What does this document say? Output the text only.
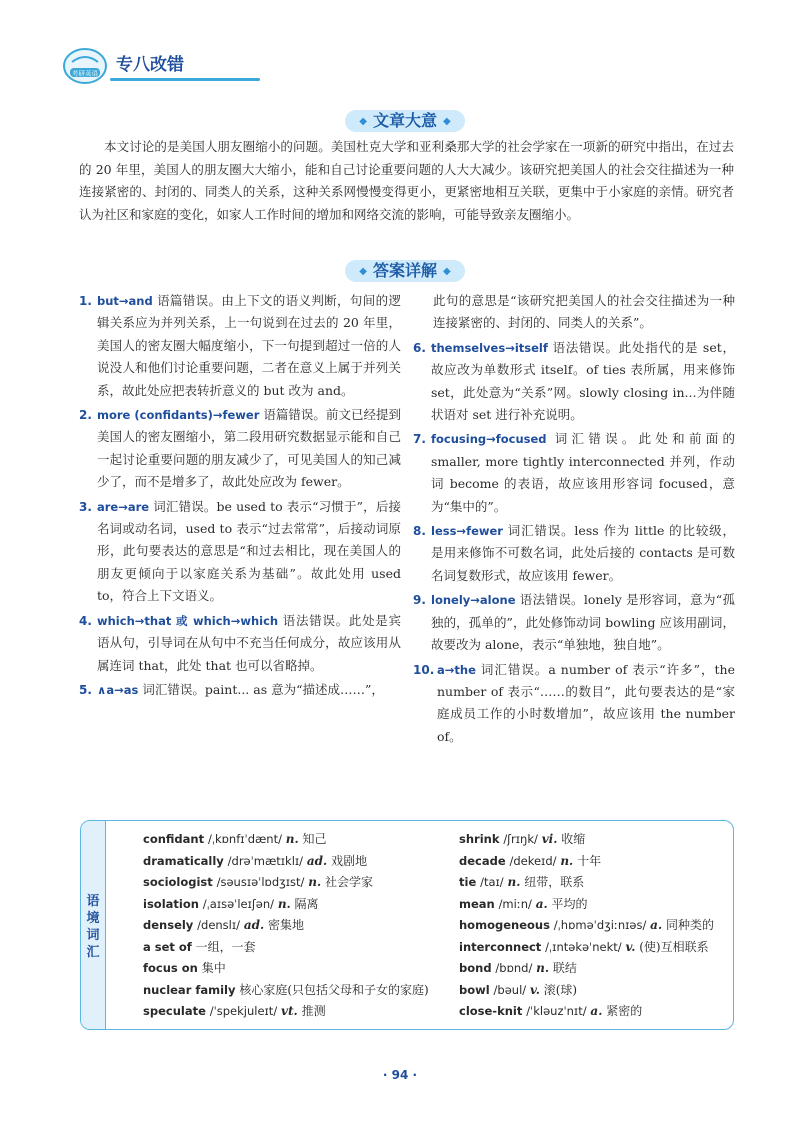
考研英语 专八改错
◆ 文章大意 ◆
本文讨论的是美国人朋友圈缩小的问题。美国杜克大学和亚利桑那大学的社会学家在一项新的研究中指出，在过去的 20 年里，美国人的朋友圈大大缩小，能和自己讨论重要问题的人大大减少。该研究把美国人的社会交往描述为一种连接紧密的、封闭的、同类人的关系，这种关系网慢慢变得更小，更紧密地相互关联，更集中于小家庭的亲情。研究者认为社区和家庭的变化，如家人工作时间的增加和网络交流的影响，可能导致亲友圈缩小。
◆ 答案详解 ◆
1. but→and 语篇错误。由上下文的语义判断，句间的逻辑关系应为并列关系，上一句说到在过去的 20 年里，美国人的密友圈大幅度缩小，下一句提到超过一倍的人说没人和他们讨论重要问题，二者在意义上属于并列关系，故此处应把表转折意义的 but 改为 and。
2. more (confidants)→fewer 语篇错误。前文已经提到美国人的密友圈缩小，第二段用研究数据显示能和自己一起讨论重要问题的朋友减少了，可见美国人的知己减少了，而不是增多了，故此处应改为 fewer。
3. are→are 词汇错误。be used to 表示“习惯于”，后接名词或动名词，used to 表示“过去常常”，后接动词原形，此句要表达的意思是“和过去相比，现在美国人的朋友更倾向于以家庭关系为基础”。故此处用 used to，符合上下文语义。
4. which→that 或 which→which 语法错误。此处是宾语从句，引导词在从句中不充当任何成分，故应该用从属连词 that，此处 that 也可以省略掉。
5. ∧a→as 词汇错误。paint... as 意为“描述成……”，
此句的意思是“该研究把美国人的社会交往描述为一种连接紧密的、封闭的、同类人的关系”。
6. themselves→itself 语法错误。此处指代的是 set，故应改为单数形式 itself。of ties 表所属，用来修饰 set，此处意为“关系”网。slowly closing in...为伴随状语对 set 进行补充说明。
7. focusing→focused 词汇错误。此处和前面的 smaller, more tightly interconnected 并列，作动词 become 的表语，故应该用形容词 focused，意为“集中的”。
8. less→fewer 词汇错误。less 作为 little 的比较级，是用来修饰不可数名词，此处后接的 contacts 是可数名词复数形式，故应该用 fewer。
9. lonely→alone 语法错误。lonely 是形容词，意为“孤独的，孤单的”，此处修饰动词 bowling 应该用副词，故要改为 alone，表示“单独地，独自地”。
10. a→the 词汇错误。a number of 表示“许多”，the number of 表示“……的数目”，此句要表达的是“家庭成员工作的小时数增加”，故应该用 the number of。
语
境
词
汇
confidant /ˌkɒnfɪˈdænt/ n. 知己
dramatically /drəˈmætɪklɪ/ ad. 戏剧地
sociologist /səusɪəˈlɒdʒɪst/ n. 社会学家
isolation /ˌaɪsəˈleɪʃən/ n. 隔离
densely /denslɪ/ ad. 密集地
a set of 一组，一套
focus on 集中
nuclear family 核心家庭(只包括父母和子女的家庭)
speculate /ˈspekjuleɪt/ vt. 推测
shrink /ʃrɪŋk/ vi. 收缩
decade /dekeɪd/ n. 十年
tie /taɪ/ n. 纽带，联系
mean /miːn/ a. 平均的
homogeneous /ˌhɒməˈdʒiːnɪəs/ a. 同种类的
interconnect /ˌɪntəkəˈnekt/ v. (使)互相联系
bond /bɒnd/ n. 联结
bowl /bəul/ v. 滚(球)
close-knit /ˈkləuzˈnɪt/ a. 紧密的
· 94 ·
